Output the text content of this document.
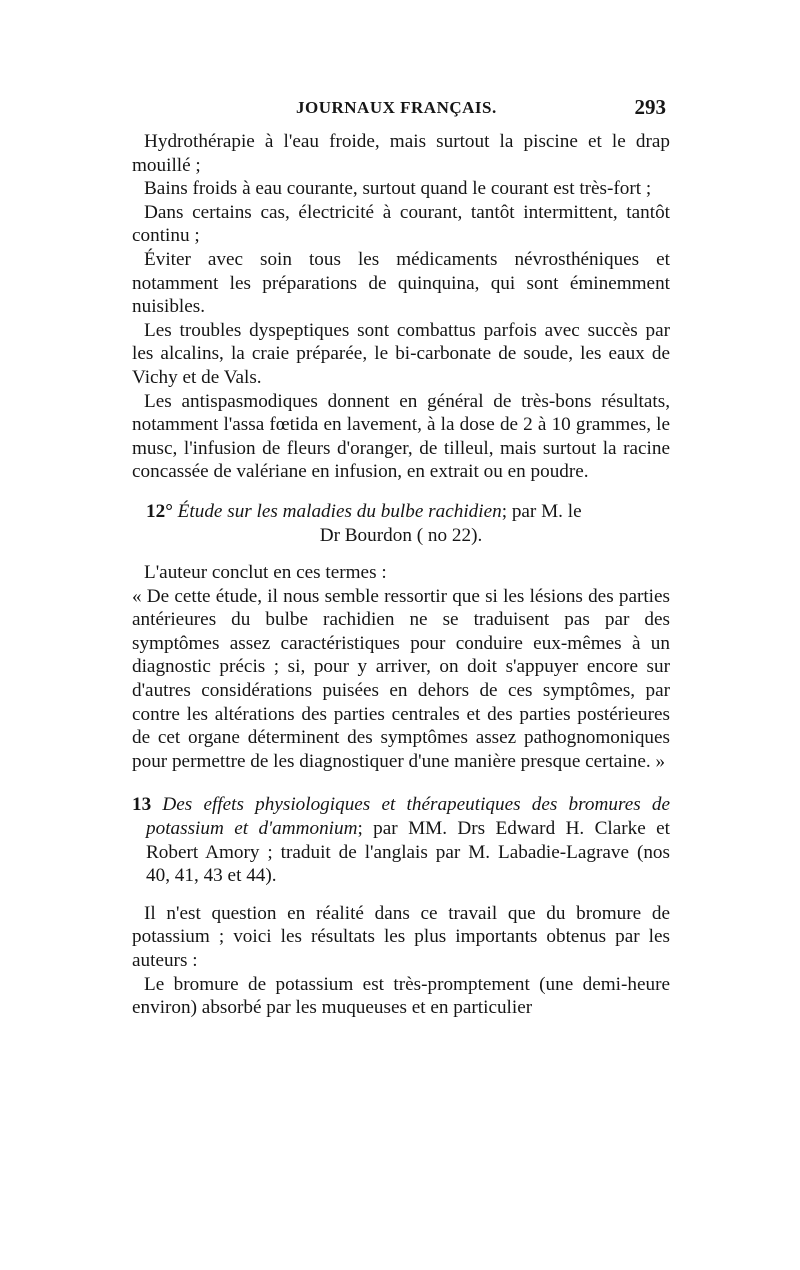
JOURNAUX FRANÇAIS.	293

Hydrothérapie à l'eau froide, mais surtout la piscine et le drap mouillé ;

Bains froids à eau courante, surtout quand le courant est très-fort ;

Dans certains cas, électricité à courant, tantôt intermittent, tantôt continu ;

Éviter avec soin tous les médicaments névrosthéniques et notamment les préparations de quinquina, qui sont éminemment nuisibles.

Les troubles dyspeptiques sont combattus parfois avec succès par les alcalins, la craie préparée, le bi-carbonate de soude, les eaux de Vichy et de Vals.

Les antispasmodiques donnent en général de très-bons résultats, notamment l'assa fœtida en lavement, à la dose de 2 à 10 grammes, le musc, l'infusion de fleurs d'oranger, de tilleul, mais surtout la racine concassée de valériane en infusion, en extrait ou en poudre.

12° Étude sur les maladies du bulbe rachidien; par M. le

Dr Bourdon ( no 22).

L'auteur conclut en ces termes :

« De cette étude, il nous semble ressortir que si les lésions des parties antérieures du bulbe rachidien ne se traduisent pas par des symptômes assez caractéristiques pour conduire eux-mêmes à un diagnostic précis ; si, pour y arriver, on doit s'appuyer encore sur d'autres considérations puisées en dehors de ces symptômes, par contre les altérations des parties centrales et des parties postérieures de cet organe déterminent des symptômes assez pathognomoniques pour permettre de les diagnostiquer d'une manière presque certaine. »

13 Des effets physiologiques et thérapeutiques des bromures de potassium et d'ammonium; par MM. Drs Edward H. Clarke et Robert Amory ; traduit de l'anglais par M. Labadie-Lagrave (nos 40, 41, 43 et 44).

Il n'est question en réalité dans ce travail que du bromure de potassium ; voici les résultats les plus importants obtenus par les auteurs :

Le bromure de potassium est très-promptement (une demi-heure environ) absorbé par les muqueuses et en particulier
